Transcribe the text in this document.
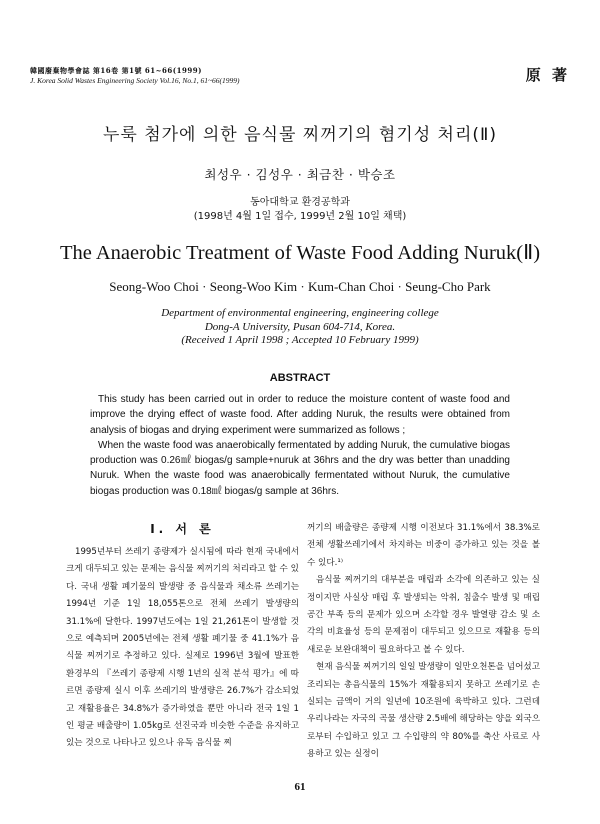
韓國廢棄物學會誌 第16卷 第1號 61~66(1999)
J. Korea Solid Wastes Engineering Society Vol.16, No.1, 61~66(1999)	原 著
누룩 첨가에 의한 음식물 찌꺼기의 혐기성 처리(Ⅱ)
최성우 · 김성우 · 최금찬 · 박승조
동아대학교 환경공학과
(1998년 4월 1일 접수, 1999년 2월 10일 채택)
The Anaerobic Treatment of Waste Food Adding Nuruk(Ⅱ)
Seong-Woo Choi · Seong-Woo Kim · Kum-Chan Choi · Seung-Cho Park
Department of environmental engineering, engineering college
Dong-A University, Pusan 604-714, Korea.
(Received 1 April 1998 ; Accepted 10 February 1999)
ABSTRACT

This study has been carried out in order to reduce the moisture content of waste food and improve the drying effect of waste food. After adding Nuruk, the results were obtained from analysis of biogas and drying experiment were summarized as follows ;

When the waste food was anaerobically fermentated by adding Nuruk, the cumulative biogas production was 0.26㎖ biogas/g sample+nuruk at 36hrs and the dry was better than unadding Nuruk. When the waste food was anaerobically fermentated without Nuruk, the cumulative biogas production was 0.18㎖ biogas/g sample at 36hrs.

Ⅰ. 서 론

1995년부터 쓰레기 종량제가 실시됨에 따라 현재 국내에서 크게 대두되고 있는 문제는 음식물 찌꺼기의 처리라고 할 수 있다. 국내 생활 폐기물의 발생량 중 음식물과 채소류 쓰레기는 1994년 기준 1일 18,055톤으로 전체 쓰레기 발생량의 31.1%에 달한다. 1997년도에는 1일 21,261톤이 발생할 것으로 예측되며 2005년에는 전체 생활 폐기물 중 41.1%가 음식물 찌꺼기로 추정하고 있다. 실제로 1996년 3월에 발표한 환경부의 『쓰레기 종량제 시행 1년의 실적 분석 평가』에 따르면 종량제 실시 이후 쓰레기의 발생량은 26.7%가 감소되었고 재활용율은 34.8%가 증가하였을 뿐만 아니라 전국 1일 1인 평균 배출량이 1.05kg로 선진국과 비슷한 수준을 유지하고 있는 것으로 나타나고 있으나 유독 음식물 찌

꺼기의 배출량은 종량제 시행 이전보다 31.1%에서 38.3%로 전체 생활쓰레기에서 차지하는 비중이 증가하고 있는 것을 볼 수 있다.¹⁾

음식물 찌꺼기의 대부분을 매립과 소각에 의존하고 있는 실정이지만 사실상 매립 후 발생되는 악취, 침출수 발생 및 매립공간 부족 등의 문제가 있으며 소각할 경우 발열량 감소 및 소각의 비효율성 등의 문제점이 대두되고 있으므로 재활용 등의 새로운 보완대책이 필요하다고 볼 수 있다.

현재 음식물 찌꺼기의 일일 발생량이 일만오천톤을 넘어섰고 조리되는 총음식물의 15%가 재활용되지 못하고 쓰레기로 손실되는 금액이 거의 일년에 10조원에 육박하고 있다. 그런데 우리나라는 자국의 곡물 생산량 2.5배에 해당하는 양을 외국으로부터 수입하고 있고 그 수입량의 약 80%를 축산 사료로 사용하고 있는 실정이

61
